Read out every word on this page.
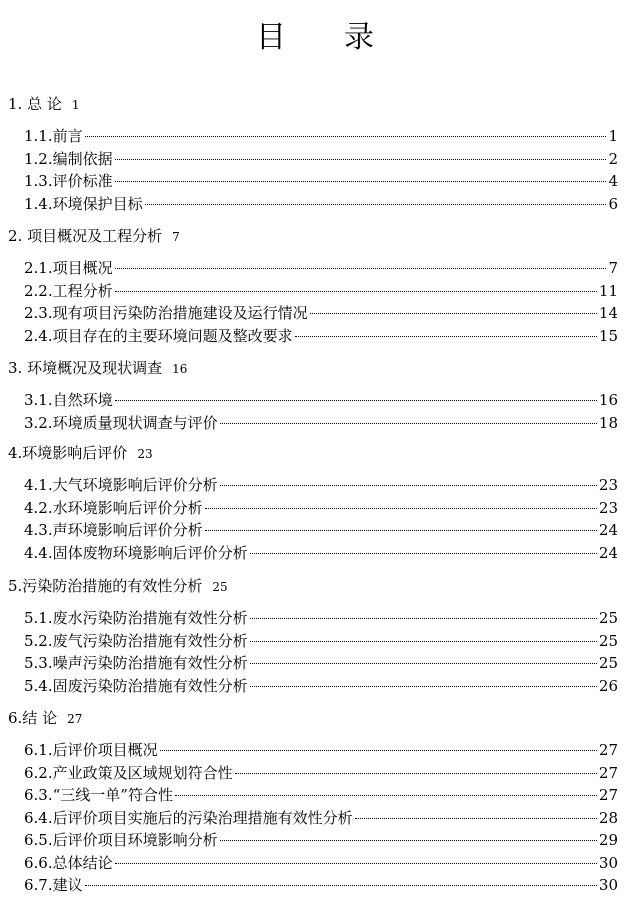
目 录
1. 总 论 1
1.1.前言	1
1.2.编制依据	2
1.3.评价标准	4
1.4.环境保护目标	6
2. 项目概况及工程分析 7
2.1.项目概况	7
2.2.工程分析	11
2.3.现有项目污染防治措施建设及运行情况	14
2.4.项目存在的主要环境问题及整改要求	15
3. 环境概况及现状调查 16
3.1.自然环境	16
3.2.环境质量现状调查与评价	18
4.环境影响后评价 23
4.1.大气环境影响后评价分析	23
4.2.水环境影响后评价分析	23
4.3.声环境影响后评价分析	24
4.4.固体废物环境影响后评价分析	24
5.污染防治措施的有效性分析 25
5.1.废水污染防治措施有效性分析	25
5.2.废气污染防治措施有效性分析	25
5.3.噪声污染防治措施有效性分析	25
5.4.固废污染防治措施有效性分析	26
6.结 论 27
6.1.后评价项目概况	27
6.2.产业政策及区域规划符合性	27
6.3.“三线一单”符合性	27
6.4.后评价项目实施后的污染治理措施有效性分析	28
6.5.后评价项目环境影响分析	29
6.6.总体结论	30
6.7.建议	30
